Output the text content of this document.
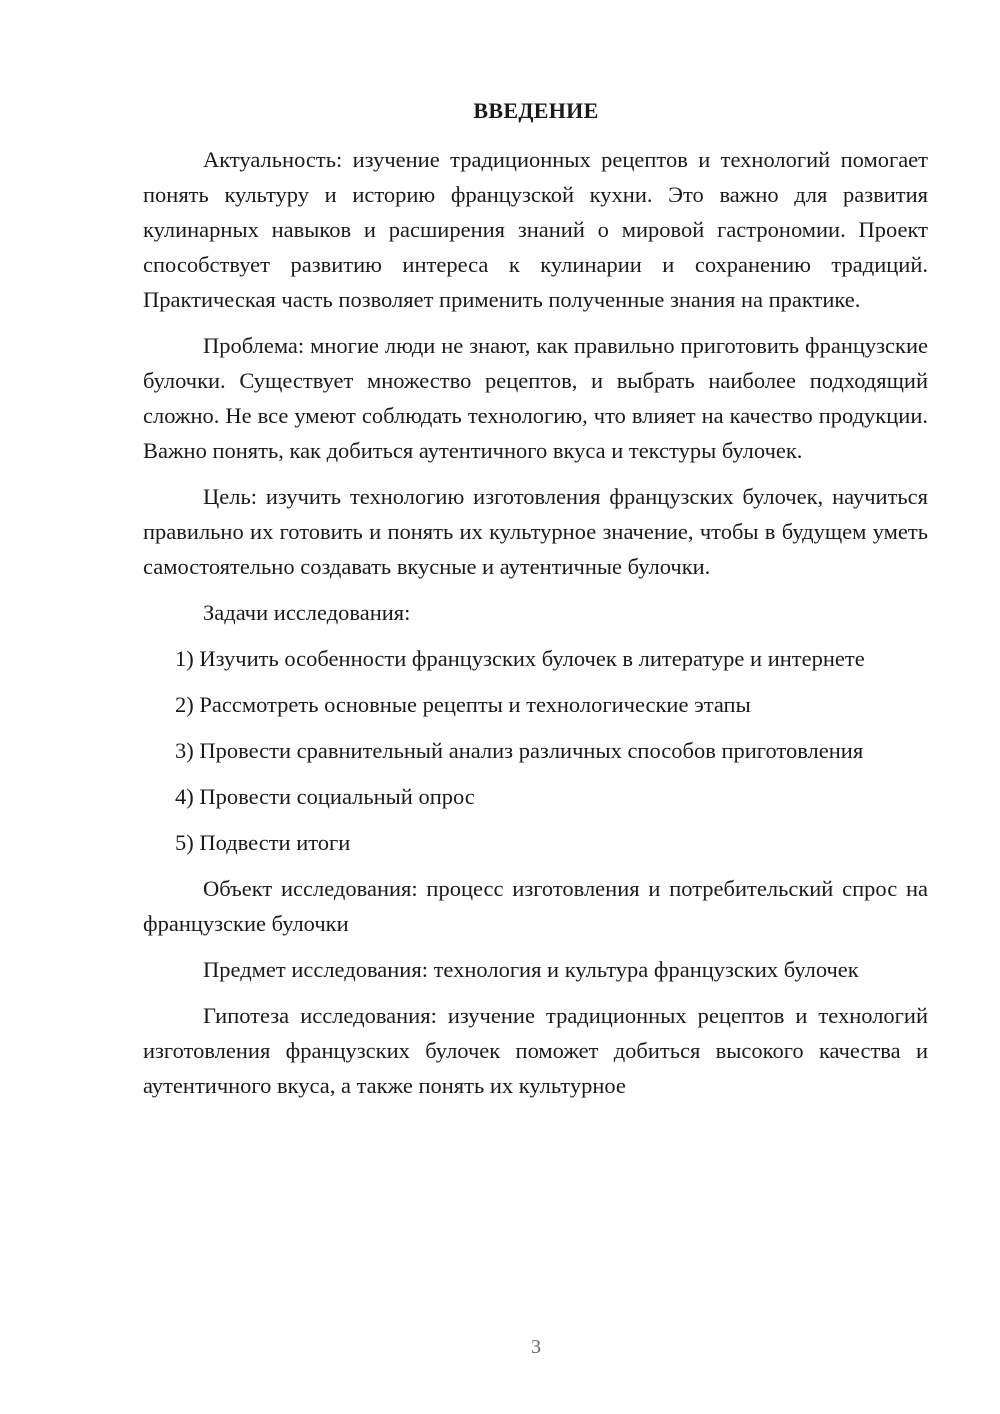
ВВЕДЕНИЕ

Актуальность: изучение традиционных рецептов и технологий помогает понять культуру и историю французской кухни. Это важно для развития кулинарных навыков и расширения знаний о мировой гастрономии. Проект способствует развитию интереса к кулинарии и сохранению традиций. Практическая часть позволяет применить полученные знания на практике.

Проблема: многие люди не знают, как правильно приготовить французские булочки. Существует множество рецептов, и выбрать наиболее подходящий сложно. Не все умеют соблюдать технологию, что влияет на качество продукции. Важно понять, как добиться аутентичного вкуса и текстуры булочек.

Цель: изучить технологию изготовления французских булочек, научиться правильно их готовить и понять их культурное значение, чтобы в будущем уметь самостоятельно создавать вкусные и аутентичные булочки.

Задачи исследования:

1) Изучить особенности французских булочек в литературе и интернете

2) Рассмотреть основные рецепты и технологические этапы

3) Провести сравнительный анализ различных способов приготовления

4) Провести социальный опрос

5) Подвести итоги

Объект исследования: процесс изготовления и потребительский спрос на французские булочки

Предмет исследования: технология и культура французских булочек

Гипотеза исследования: изучение традиционных рецептов и технологий изготовления французских булочек поможет добиться высокого качества и аутентичного вкуса, а также понять их культурное

3
